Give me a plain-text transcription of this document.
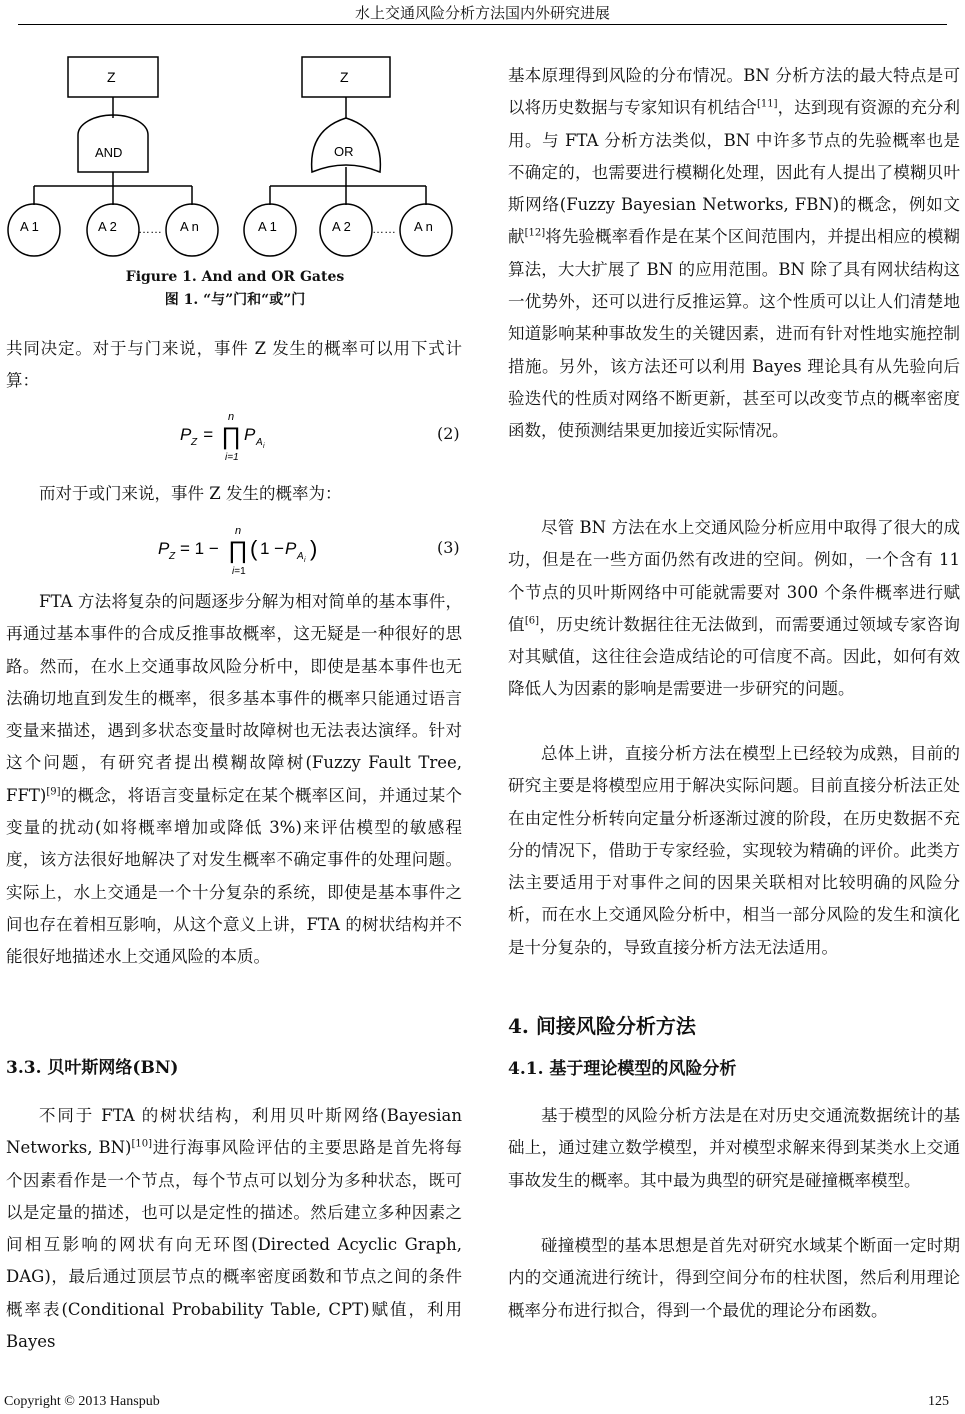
水上交通风险分析方法国内外研究进展
Z
AND
A 1	A 2	A n
……
Z
OR
A 1	A 2	A n
……
Figure 1. And and OR Gates
图 1. “与”门和“或”门
共同决定。对于与门来说，事件 Z 发生的概率可以用下式计算：
P Z = ∏
n
i=1
P A i
(2)
而对于或门来说，事件 Z 发生的概率为：
P Z = 1 − ∏
n
i=1
( 1 − P A i )	(3)
FTA 方法将复杂的问题逐步分解为相对简单的基本事件，再通过基本事件的合成反推事故概率，这无疑是一种很好的思路。然而，在水上交通事故风险分析中，即使是基本事件也无法确切地直到发生的概率，很多基本事件的概率只能通过语言变量来描述，遇到多状态变量时故障树也无法表达演绎。针对这个问题，有研究者提出模糊故障树(Fuzzy Fault Tree, FFT)[9]的概念，将语言变量标定在某个概率区间，并通过某个变量的扰动(如将概率增加或降低 3%)来评估模型的敏感程度，该方法很好地解决了对发生概率不确定事件的处理问题。实际上，水上交通是一个十分复杂的系统，即使是基本事件之间也存在着相互影响，从这个意义上讲，FTA 的树状结构并不能很好地描述水上交通风险的本质。

3.3. 贝叶斯网络(BN)

不同于 FTA 的树状结构，利用贝叶斯网络(Bayesian Networks, BN)[10]进行海事风险评估的主要思路是首先将每个因素看作是一个节点，每个节点可以划分为多种状态，既可以是定量的描述，也可以是定性的描述。然后建立多种因素之间相互影响的网状有向无环图(Directed Acyclic Graph, DAG)，最后通过顶层节点的概率密度函数和节点之间的条件概率表(Conditional Probability Table, CPT)赋值，利用 Bayes
基本原理得到风险的分布情况。BN 分析方法的最大特点是可以将历史数据与专家知识有机结合[11]，达到现有资源的充分利用。与 FTA 分析方法类似，BN 中许多节点的先验概率也是不确定的，也需要进行模糊化处理，因此有人提出了模糊贝叶斯网络(Fuzzy Bayesian Networks, FBN)的概念，例如文献[12]将先验概率看作是在某个区间范围内，并提出相应的模糊算法，大大扩展了 BN 的应用范围。BN 除了具有网状结构这一优势外，还可以进行反推运算。这个性质可以让人们清楚地知道影响某种事故发生的关键因素，进而有针对性地实施控制措施。另外，该方法还可以利用 Bayes 理论具有从先验向后验迭代的性质对网络不断更新，甚至可以改变节点的概率密度函数，使预测结果更加接近实际情况。
尽管 BN 方法在水上交通风险分析应用中取得了很大的成功，但是在一些方面仍然有改进的空间。例如，一个含有 11 个节点的贝叶斯网络中可能就需要对 300 个条件概率进行赋值[6]，历史统计数据往往无法做到，而需要通过领域专家咨询对其赋值，这往往会造成结论的可信度不高。因此，如何有效降低人为因素的影响是需要进一步研究的问题。
总体上讲，直接分析方法在模型上已经较为成熟，目前的研究主要是将模型应用于解决实际问题。目前直接分析法正处在由定性分析转向定量分析逐渐过渡的阶段，在历史数据不充分的情况下，借助于专家经验，实现较为精确的评价。此类方法主要适用于对事件之间的因果关联相对比较明确的风险分析，而在水上交通风险分析中，相当一部分风险的发生和演化是十分复杂的，导致直接分析方法无法适用。

4. 间接风险分析方法

4.1. 基于理论模型的风险分析

基于模型的风险分析方法是在对历史交通流数据统计的基础上，通过建立数学模型，并对模型求解来得到某类水上交通事故发生的概率。其中最为典型的研究是碰撞概率模型。
碰撞模型的基本思想是首先对研究水域某个断面一定时期内的交通流进行统计，得到空间分布的柱状图，然后利用理论概率分布进行拟合，得到一个最优的理论分布函数。
Copyright © 2013 Hanspub	125
